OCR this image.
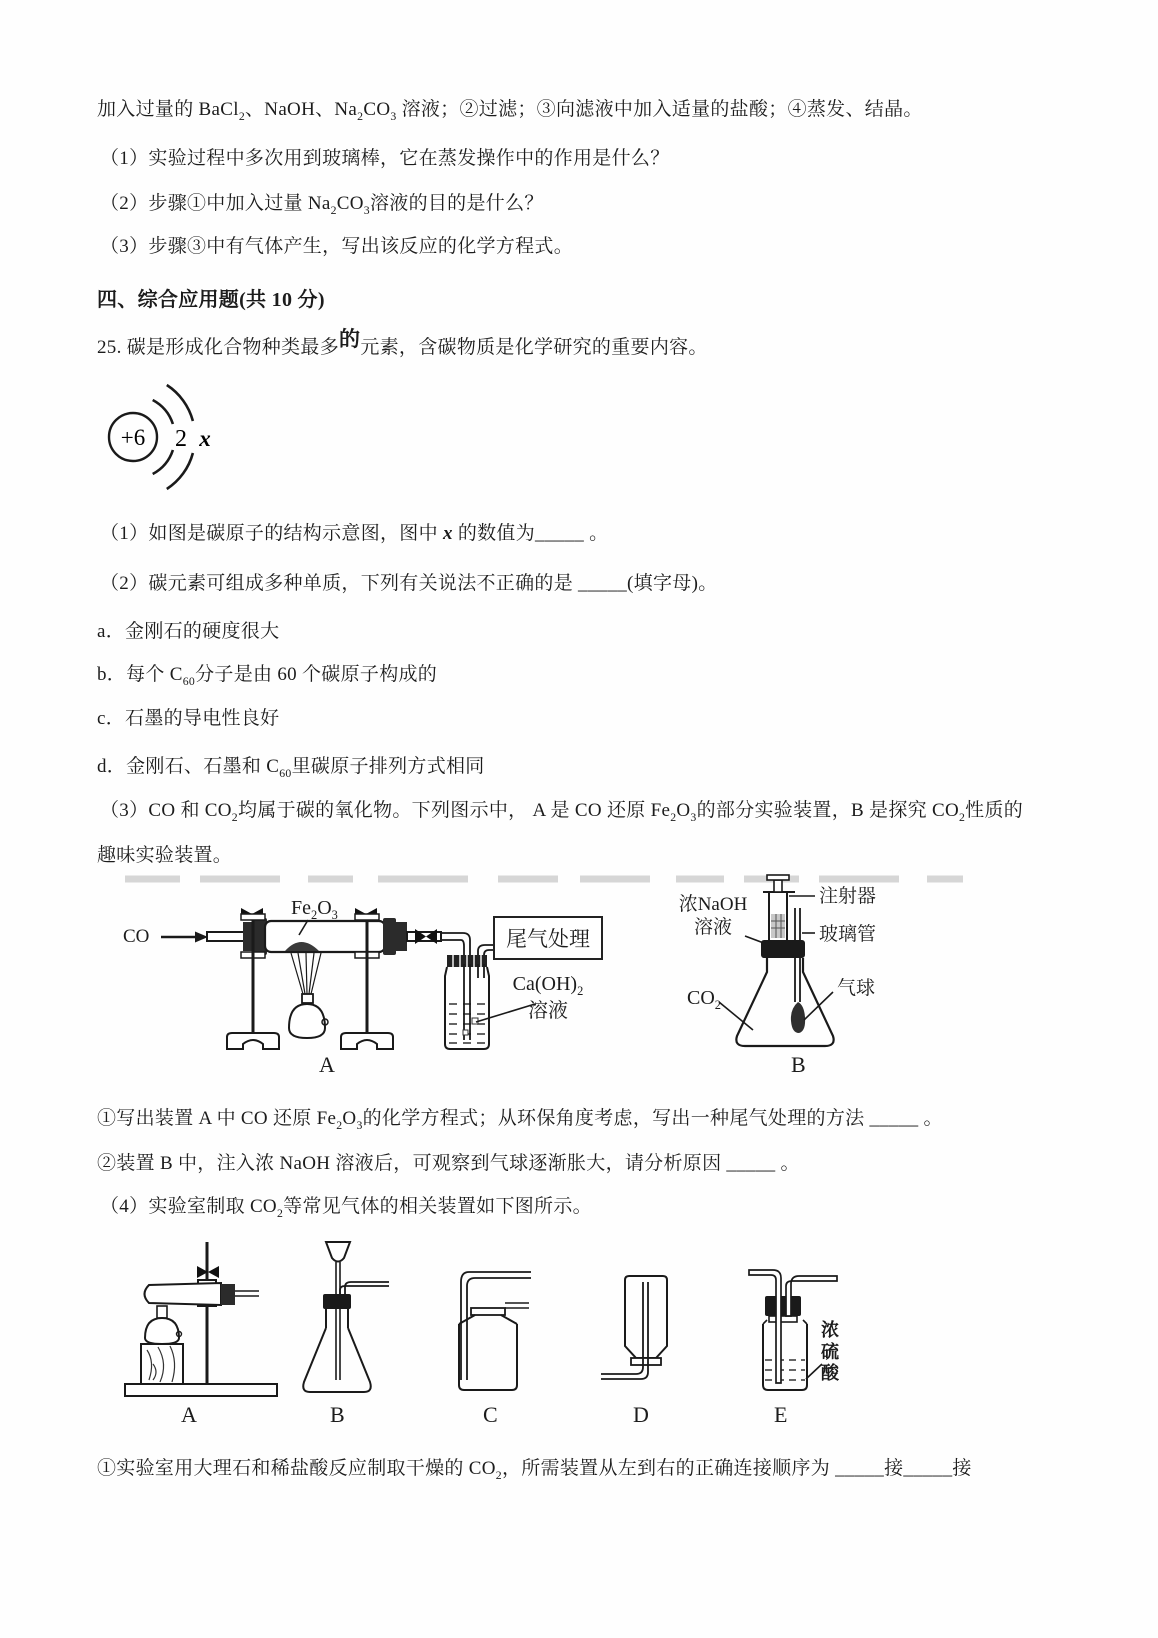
加入过量的 BaCl$_2$、NaOH、$Na_2CO_3$ 溶液；②过滤；③向滤液中加入适量的盐酸；④蒸发、结晶。
（1）实验过程中多次用到玻璃棒，它在蒸发操作中的作用是什么？
（2）步骤①中加入过量 $Na_2CO_3$溶液的目的是什么？
（3）步骤③中有气体产生，写出该反应的化学方程式。
四、综合应用题(共 10 分)
25. 碳是形成化合物种类最多的元素，含碳物质是化学研究的重要内容。
+6 2 x
（1）如图是碳原子的结构示意图，图中 x 的数值为_____ 。
（2）碳元素可组成多种单质，下列有关说法不正确的是 _____(填字母)。
a．金刚石的硬度很大
b．每个 $C_{60}$分子是由 60 个碳原子构成的
c．石墨的导电性良好
d．金刚石、石墨和 $C_{60}$里碳原子排列方式相同
（3）CO 和 $CO_2$均属于碳的氧化物。下列图示中， A 是 CO 还原 $Fe_2O_3$的部分实验装置，B 是探究 $CO_2$性质的
趣味实验装置。
CO
$Fe_2O_3$
尾气处理
$Ca(OH)_2$
溶液
浓NaOH
溶液
注射器
玻璃管
$CO_2$
气球
A	B
①写出装置 A 中 CO 还原 $Fe_2O_3$的化学方程式；从环保角度考虑，写出一种尾气处理的方法 _____ 。
②装置 B 中，注入浓 NaOH 溶液后，可观察到气球逐渐胀大，请分析原因 _____ 。
（4）实验室制取 $CO_2$等常见气体的相关装置如下图所示。
A	B	C	D	E
浓硫酸
①实验室用大理石和稀盐酸反应制取干燥的 $CO_2$，所需装置从左到右的正确连接顺序为 _____接_____接
